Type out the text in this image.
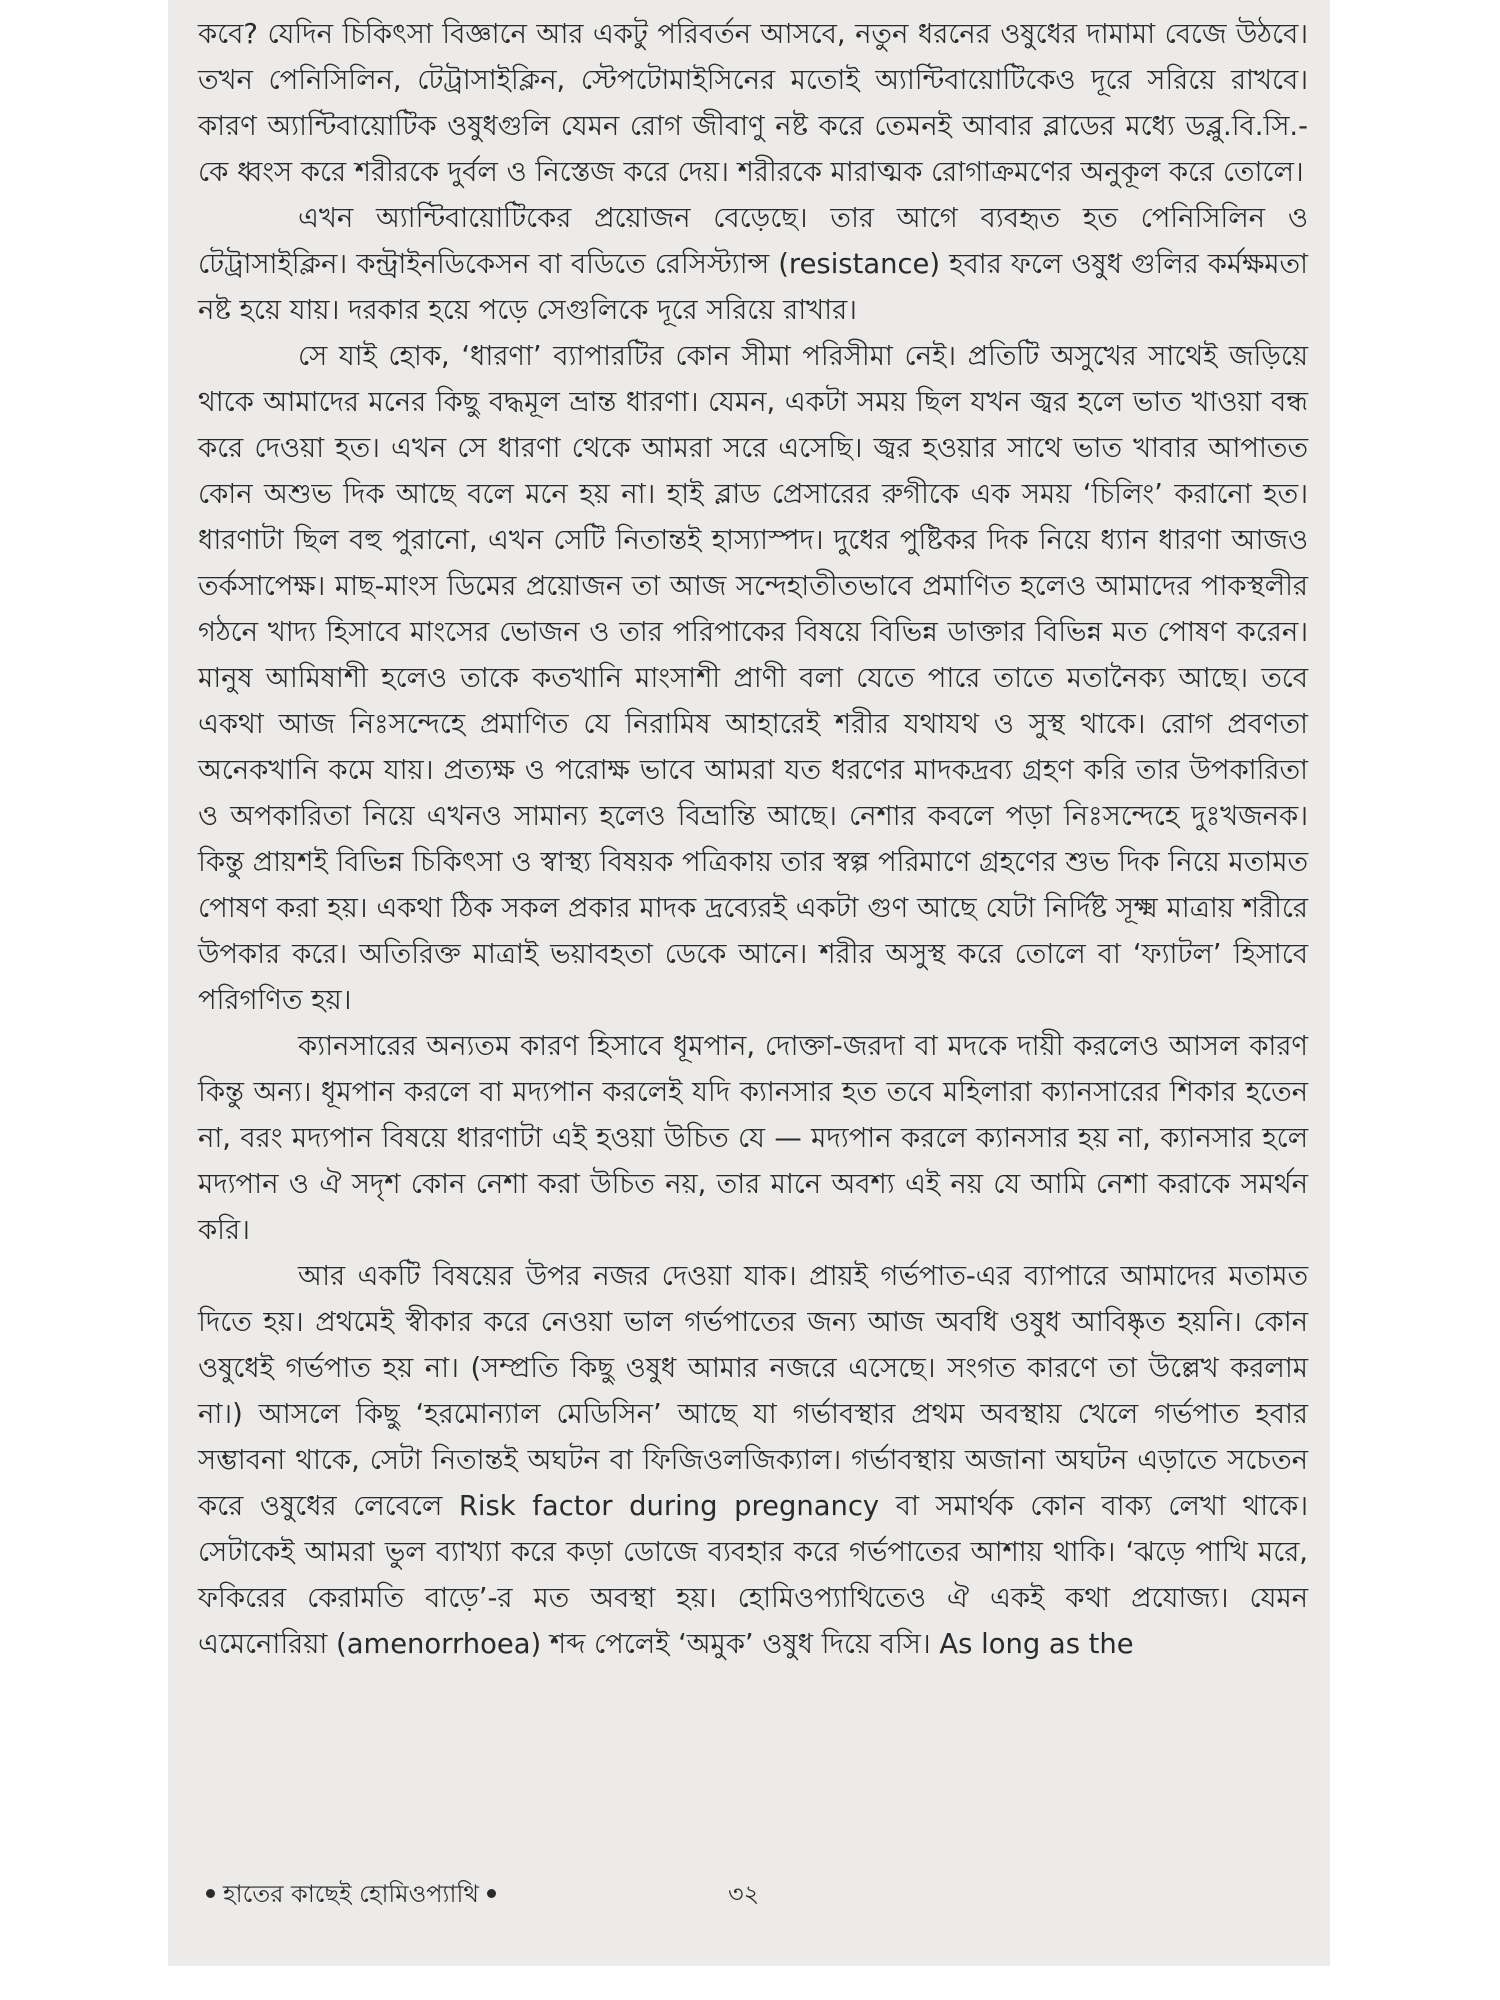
কবে? যেদিন চিকিৎসা বিজ্ঞানে আর একটু পরিবর্তন আসবে, নতুন ধরনের ওষুধের দামামা বেজে উঠবে। তখন পেনিসিলিন, টেট্রাসাইক্লিন, স্টেপটোমাইসিনের মতোই অ্যান্টিবায়োটিকেও দূরে সরিয়ে রাখবে। কারণ অ্যান্টিবায়োটিক ওষুধগুলি যেমন রোগ জীবাণু নষ্ট করে তেমনই আবার ব্লাডের মধ্যে ডব্লু.বি.সি.-কে ধ্বংস করে শরীরকে দুর্বল ও নিস্তেজ করে দেয়। শরীরকে মারাত্মক রোগাক্রমণের অনুকূল করে তোলে।

এখন অ্যান্টিবায়োটিকের প্রয়োজন বেড়েছে। তার আগে ব্যবহৃত হত পেনিসিলিন ও টেট্রাসাইক্লিন। কন্ট্রাইনডিকেসন বা বডিতে রেসিস্ট্যান্স (resistance) হবার ফলে ওষুধ গুলির কর্মক্ষমতা নষ্ট হয়ে যায়। দরকার হয়ে পড়ে সেগুলিকে দূরে সরিয়ে রাখার।

সে যাই হোক, ‘ধারণা’ ব্যাপারটির কোন সীমা পরিসীমা নেই। প্রতিটি অসুখের সাথেই জড়িয়ে থাকে আমাদের মনের কিছু বদ্ধমূল ভ্রান্ত ধারণা। যেমন, একটা সময় ছিল যখন জ্বর হলে ভাত খাওয়া বন্ধ করে দেওয়া হত। এখন সে ধারণা থেকে আমরা সরে এসেছি। জ্বর হওয়ার সাথে ভাত খাবার আপাতত কোন অশুভ দিক আছে বলে মনে হয় না। হাই ব্লাড প্রেসারের রুগীকে এক সময় ‘চিলিং’ করানো হত। ধারণাটা ছিল বহু পুরানো, এখন সেটি নিতান্তই হাস্যাস্পদ। দুধের পুষ্টিকর দিক নিয়ে ধ্যান ধারণা আজও তর্কসাপেক্ষ। মাছ-মাংস ডিমের প্রয়োজন তা আজ সন্দেহাতীতভাবে প্রমাণিত হলেও আমাদের পাকস্থলীর গঠনে খাদ্য হিসাবে মাংসের ভোজন ও তার পরিপাকের বিষয়ে বিভিন্ন ডাক্তার বিভিন্ন মত পোষণ করেন। মানুষ আমিষাশী হলেও তাকে কতখানি মাংসাশী প্রাণী বলা যেতে পারে তাতে মতানৈক্য আছে। তবে একথা আজ নিঃসন্দেহে প্রমাণিত যে নিরামিষ আহারেই শরীর যথাযথ ও সুস্থ থাকে। রোগ প্রবণতা অনেকখানি কমে যায়। প্রত্যক্ষ ও পরোক্ষ ভাবে আমরা যত ধরণের মাদকদ্রব্য গ্রহণ করি তার উপকারিতা ও অপকারিতা নিয়ে এখনও সামান্য হলেও বিভ্রান্তি আছে। নেশার কবলে পড়া নিঃসন্দেহে দুঃখজনক। কিন্তু প্রায়শই বিভিন্ন চিকিৎসা ও স্বাস্থ্য বিষয়ক পত্রিকায় তার স্বল্প পরিমাণে গ্রহণের শুভ দিক নিয়ে মতামত পোষণ করা হয়। একথা ঠিক সকল প্রকার মাদক দ্রব্যেরই একটা গুণ আছে যেটা নির্দিষ্ট সূক্ষ্ম মাত্রায় শরীরে উপকার করে। অতিরিক্ত মাত্রাই ভয়াবহতা ডেকে আনে। শরীর অসুস্থ করে তোলে বা ‘ফ্যাটল’ হিসাবে পরিগণিত হয়।

ক্যানসারের অন্যতম কারণ হিসাবে ধূমপান, দোক্তা-জরদা বা মদকে দায়ী করলেও আসল কারণ কিন্তু অন্য। ধূমপান করলে বা মদ্যপান করলেই যদি ক্যানসার হত তবে মহিলারা ক্যানসারের শিকার হতেন না, বরং মদ্যপান বিষয়ে ধারণাটা এই হওয়া উচিত যে — মদ্যপান করলে ক্যানসার হয় না, ক্যানসার হলে মদ্যপান ও ঐ সদৃশ কোন নেশা করা উচিত নয়, তার মানে অবশ্য এই নয় যে আমি নেশা করাকে সমর্থন করি।

আর একটি বিষয়ের উপর নজর দেওয়া যাক। প্রায়ই গর্ভপাত-এর ব্যাপারে আমাদের মতামত দিতে হয়। প্রথমেই স্বীকার করে নেওয়া ভাল গর্ভপাতের জন্য আজ অবধি ওষুধ আবিষ্কৃত হয়নি। কোন ওষুধেই গর্ভপাত হয় না। (সম্প্রতি কিছু ওষুধ আমার নজরে এসেছে। সংগত কারণে তা উল্লেখ করলাম না।) আসলে কিছু ‘হরমোন্যাল মেডিসিন’ আছে যা গর্ভাবস্থার প্রথম অবস্থায় খেলে গর্ভপাত হবার সম্ভাবনা থাকে, সেটা নিতান্তই অঘটন বা ফিজিওলজিক্যাল। গর্ভাবস্থায় অজানা অঘটন এড়াতে সচেতন করে ওষুধের লেবেলে Risk factor during pregnancy বা সমার্থক কোন বাক্য লেখা থাকে। সেটাকেই আমরা ভুল ব্যাখ্যা করে কড়া ডোজে ব্যবহার করে গর্ভপাতের আশায় থাকি। ‘ঝড়ে পাখি মরে, ফকিরের কেরামতি বাড়ে’-র মত অবস্থা হয়। হোমিওপ্যাথিতেও ঐ একই কথা প্রযোজ্য। যেমন এমেনোরিয়া (amenorrhoea) শব্দ পেলেই ‘অমুক’ ওষুধ দিয়ে বসি। As long as the

হাতের কাছেই হোমিওপ্যাথি	৩২
